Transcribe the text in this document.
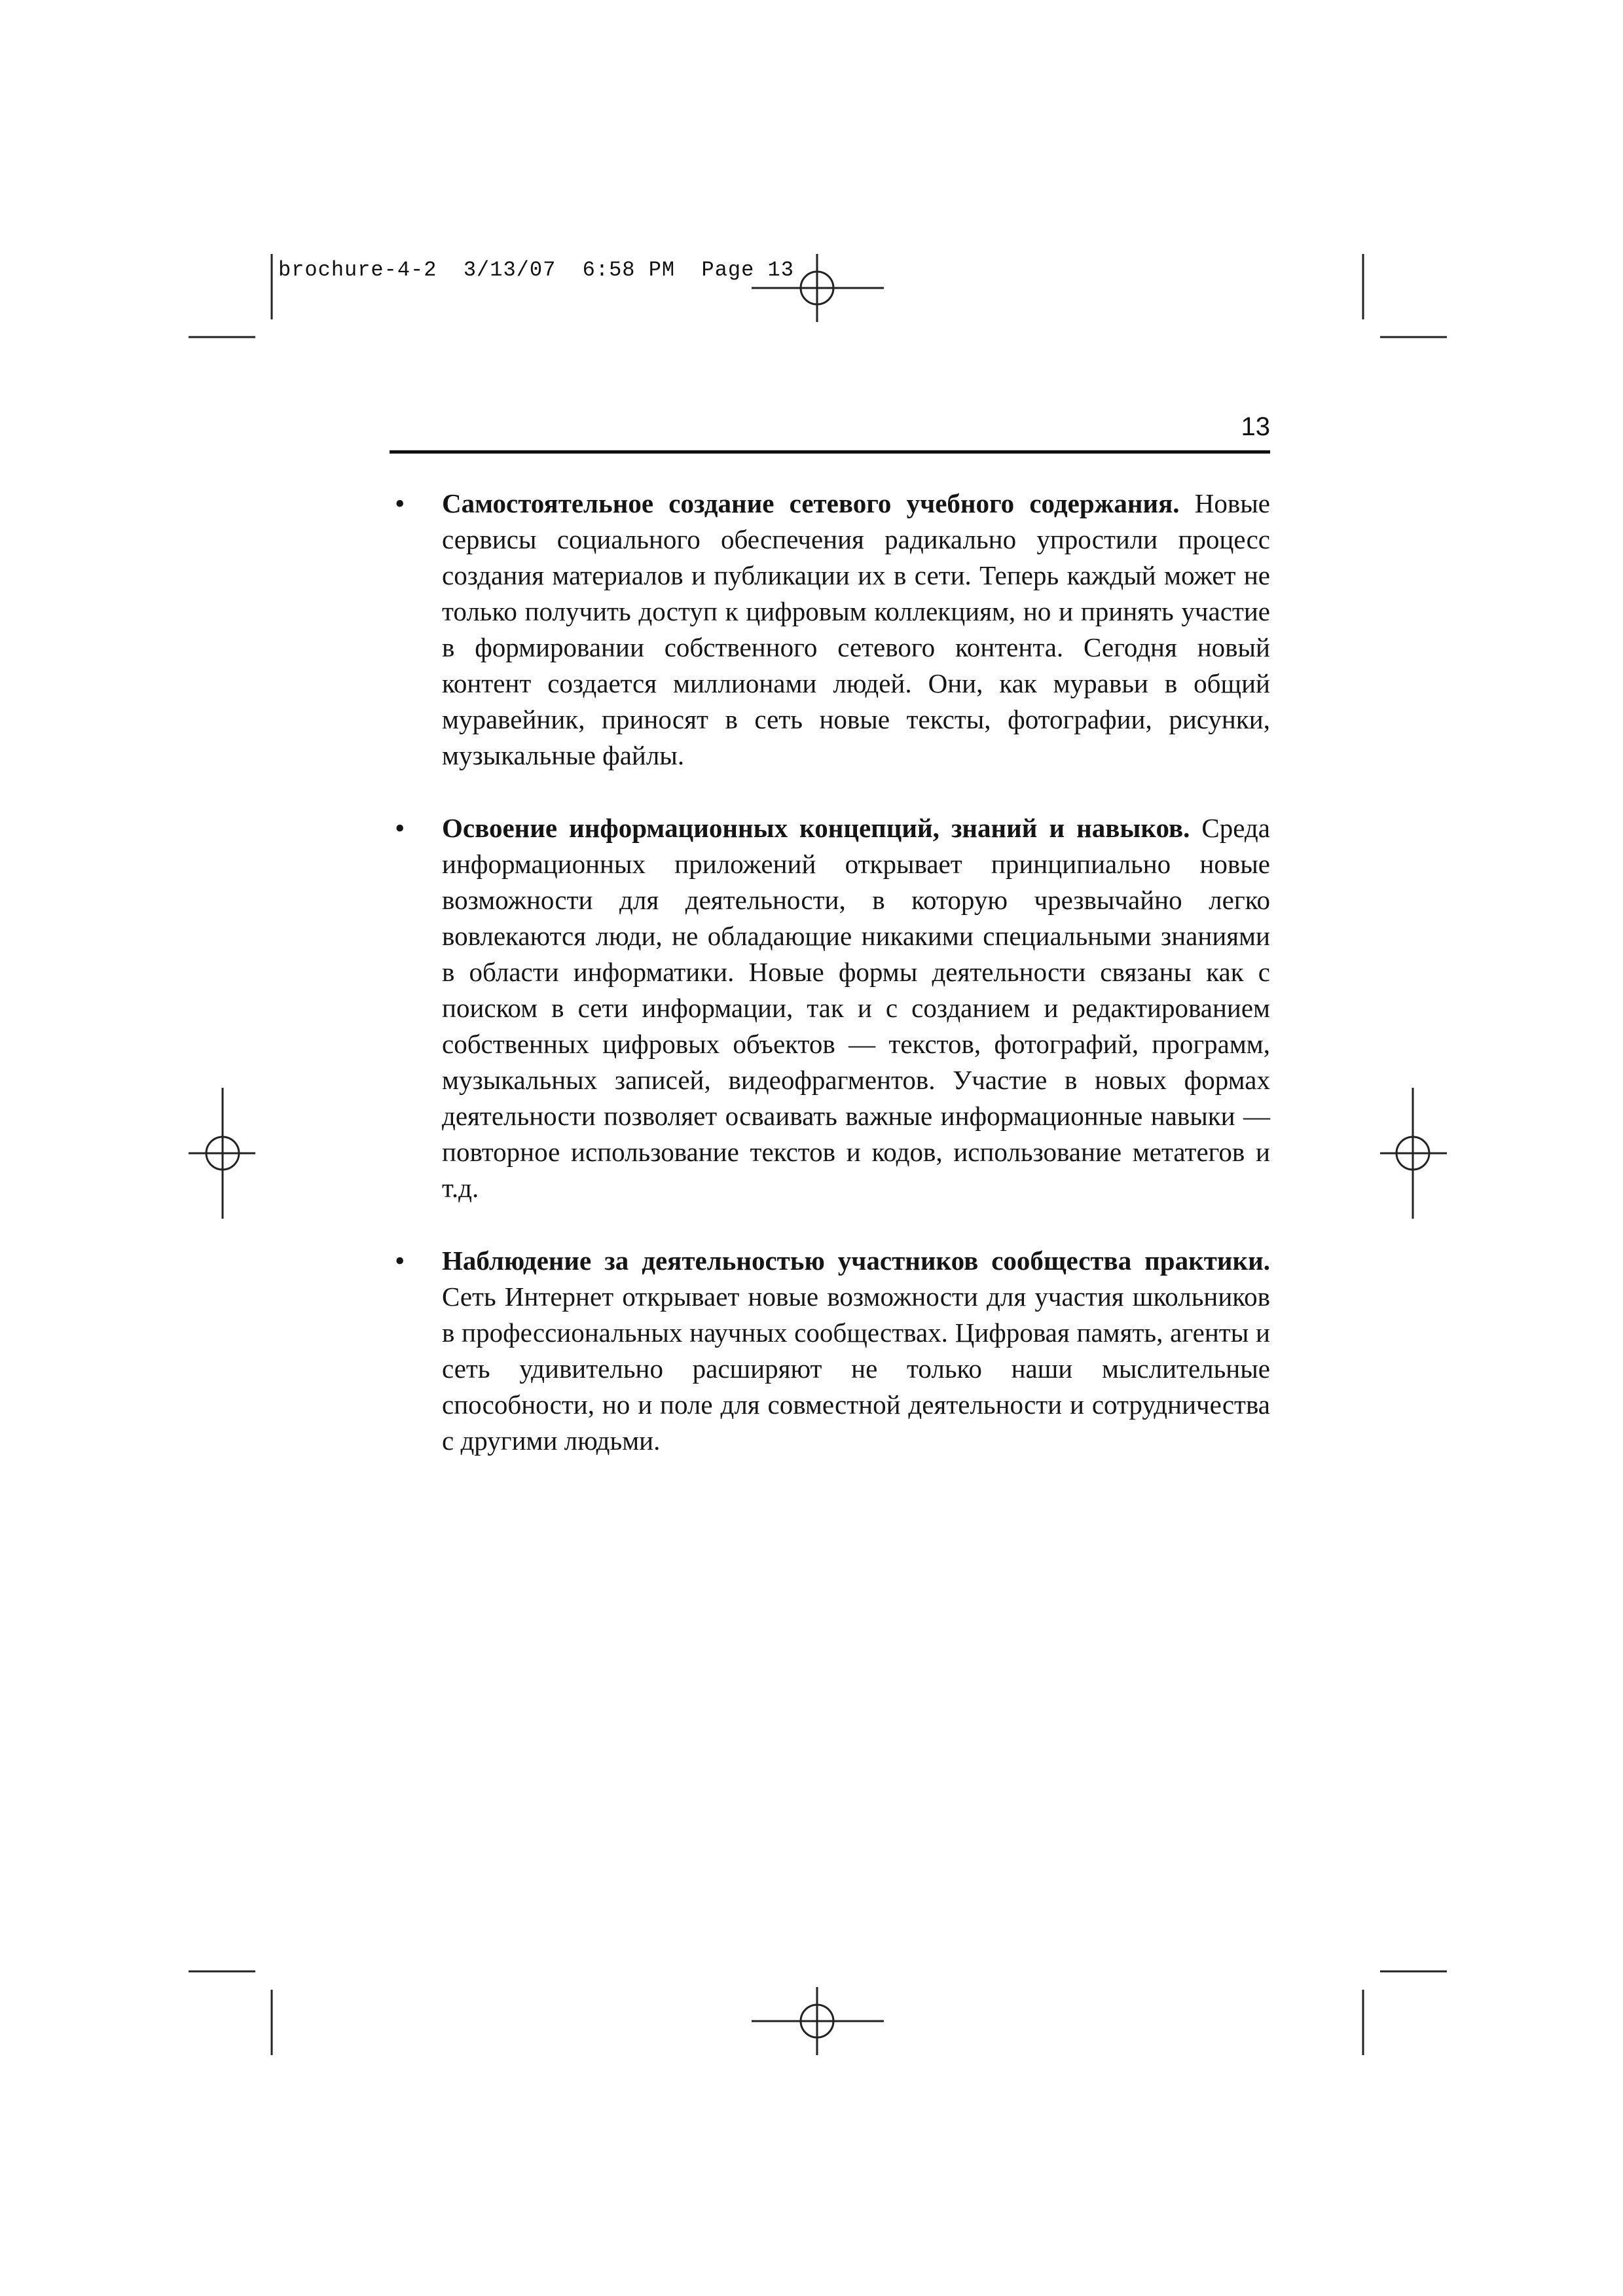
brochure-4-2  3/13/07  6:58 PM  Page 13
13
• Самостоятельное создание сетевого учебного содержания. Новые сервисы социального обеспечения радикально упростили процесс создания материалов и публикации их в сети. Теперь каждый может не только получить доступ к цифровым коллекциям, но и принять участие в формировании собственного сетевого контента. Сегодня новый контент создается миллионами людей. Они, как муравьи в общий муравейник, приносят в сеть новые тексты, фотографии, рисунки, музыкальные файлы.
• Освоение информационных концепций, знаний и навыков. Среда информационных приложений открывает принципиально новые возможности для деятельности, в которую чрезвычайно легко вовлекаются люди, не обладающие никакими специальными знаниями в области информатики. Новые формы деятельности связаны как с поиском в сети информации, так и с созданием и редактированием собственных цифровых объектов — текстов, фотографий, программ, музыкальных записей, видеофрагментов. Участие в новых формах деятельности позволяет осваивать важные информационные навыки — повторное использование текстов и кодов, использование метатегов и т.д.
• Наблюдение за деятельностью участников сообщества практики. Сеть Интернет открывает новые возможности для участия школьников в профессиональных научных сообществах. Цифровая память, агенты и сеть удивительно расширяют не только наши мыслительные способности, но и поле для совместной деятельности и сотрудничества с другими людьми.
